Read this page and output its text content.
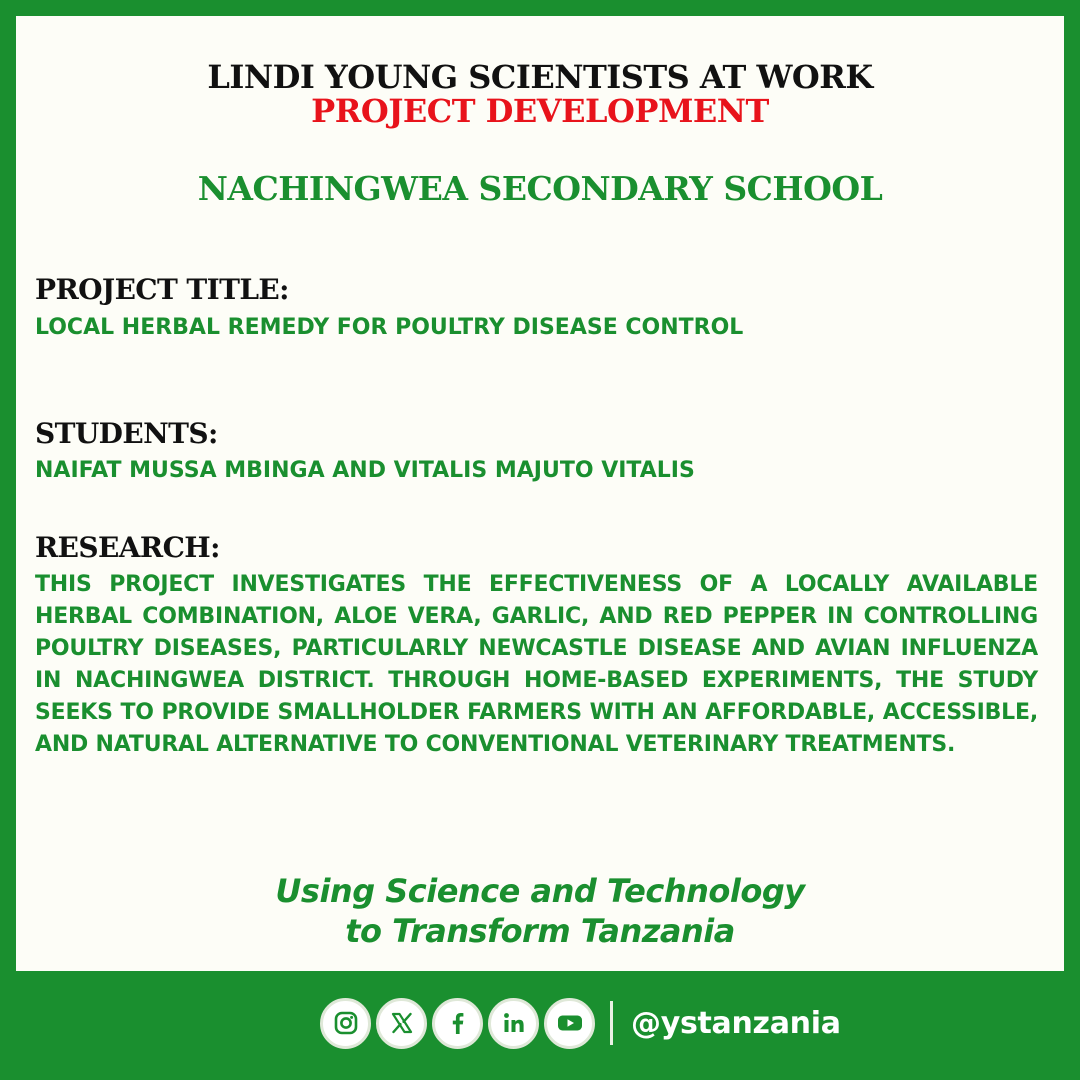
LINDI YOUNG SCIENTISTS AT WORK
PROJECT DEVELOPMENT
NACHINGWEA SECONDARY SCHOOL
PROJECT TITLE:
LOCAL HERBAL REMEDY FOR POULTRY DISEASE CONTROL
STUDENTS:
NAIFAT MUSSA MBINGA AND VITALIS MAJUTO VITALIS
RESEARCH:
THIS PROJECT INVESTIGATES THE EFFECTIVENESS OF A LOCALLY AVAILABLE HERBAL COMBINATION, ALOE VERA, GARLIC, AND RED PEPPER IN CONTROLLING POULTRY DISEASES, PARTICULARLY NEWCASTLE DISEASE AND AVIAN INFLUENZA IN NACHINGWEA DISTRICT. THROUGH HOME-BASED EXPERIMENTS, THE STUDY SEEKS TO PROVIDE SMALLHOLDER FARMERS WITH AN AFFORDABLE, ACCESSIBLE, AND NATURAL ALTERNATIVE TO CONVENTIONAL VETERINARY TREATMENTS.
Using Science and Technology
to Transform Tanzania
@ystanzania
